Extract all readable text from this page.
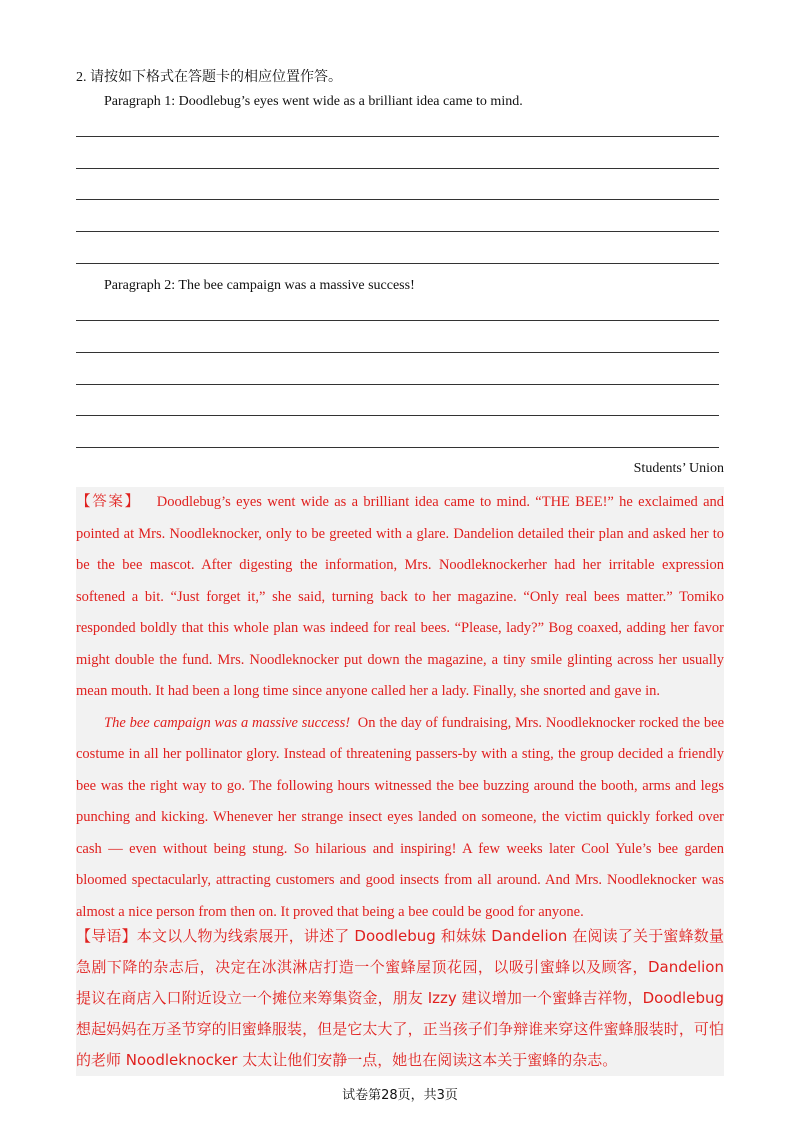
2. 请按如下格式在答题卡的相应位置作答。
Paragraph 1: Doodlebug’s eyes went wide as a brilliant idea came to mind.
Paragraph 2: The bee campaign was a massive success!
Students’ Union

【答案】 Doodlebug’s eyes went wide as a brilliant idea came to mind. “THE BEE!” he exclaimed and pointed at Mrs. Noodleknocker, only to be greeted with a glare. Dandelion detailed their plan and asked her to be the bee mascot. After digesting the information, Mrs. Noodleknockerher had her irritable expression softened a bit. “Just forget it,” she said, turning back to her magazine. “Only real bees matter.” Tomiko responded boldly that this whole plan was indeed for real bees. “Please, lady?” Bog coaxed, adding her favor might double the fund. Mrs. Noodleknocker put down the magazine, a tiny smile glinting across her usually mean mouth. It had been a long time since anyone called her a lady. Finally, she snorted and gave in.

The bee campaign was a massive success! On the day of fundraising, Mrs. Noodleknocker rocked the bee costume in all her pollinator glory. Instead of threatening passers-by with a sting, the group decided a friendly bee was the right way to go. The following hours witnessed the bee buzzing around the booth, arms and legs punching and kicking. Whenever her strange insect eyes landed on someone, the victim quickly forked over cash — even without being stung. So hilarious and inspiring! A few weeks later Cool Yule’s bee garden bloomed spectacularly, attracting customers and good insects from all around. And Mrs. Noodleknocker was almost a nice person from then on. It proved that being a bee could be good for anyone.

【导语】本文以人物为线索展开，讲述了 Doodlebug 和妹妹 Dandelion 在阅读了关于蜜蜂数量急剧下降的杂志后，决定在冰淇淋店打造一个蜜蜂屋顶花园，以吸引蜜蜂以及顾客，Dandelion 提议在商店入口附近设立一个摊位来筹集资金，朋友 Izzy 建议增加一个蜜蜂吉祥物，Doodlebug 想起妈妈在万圣节穿的旧蜜蜂服装，但是它太大了，正当孩子们争辩谁来穿这件蜜蜂服装时，可怕的老师 Noodleknocker 太太让他们安静一点，她也在阅读这本关于蜜蜂的杂志。
试卷第28页，共3页
